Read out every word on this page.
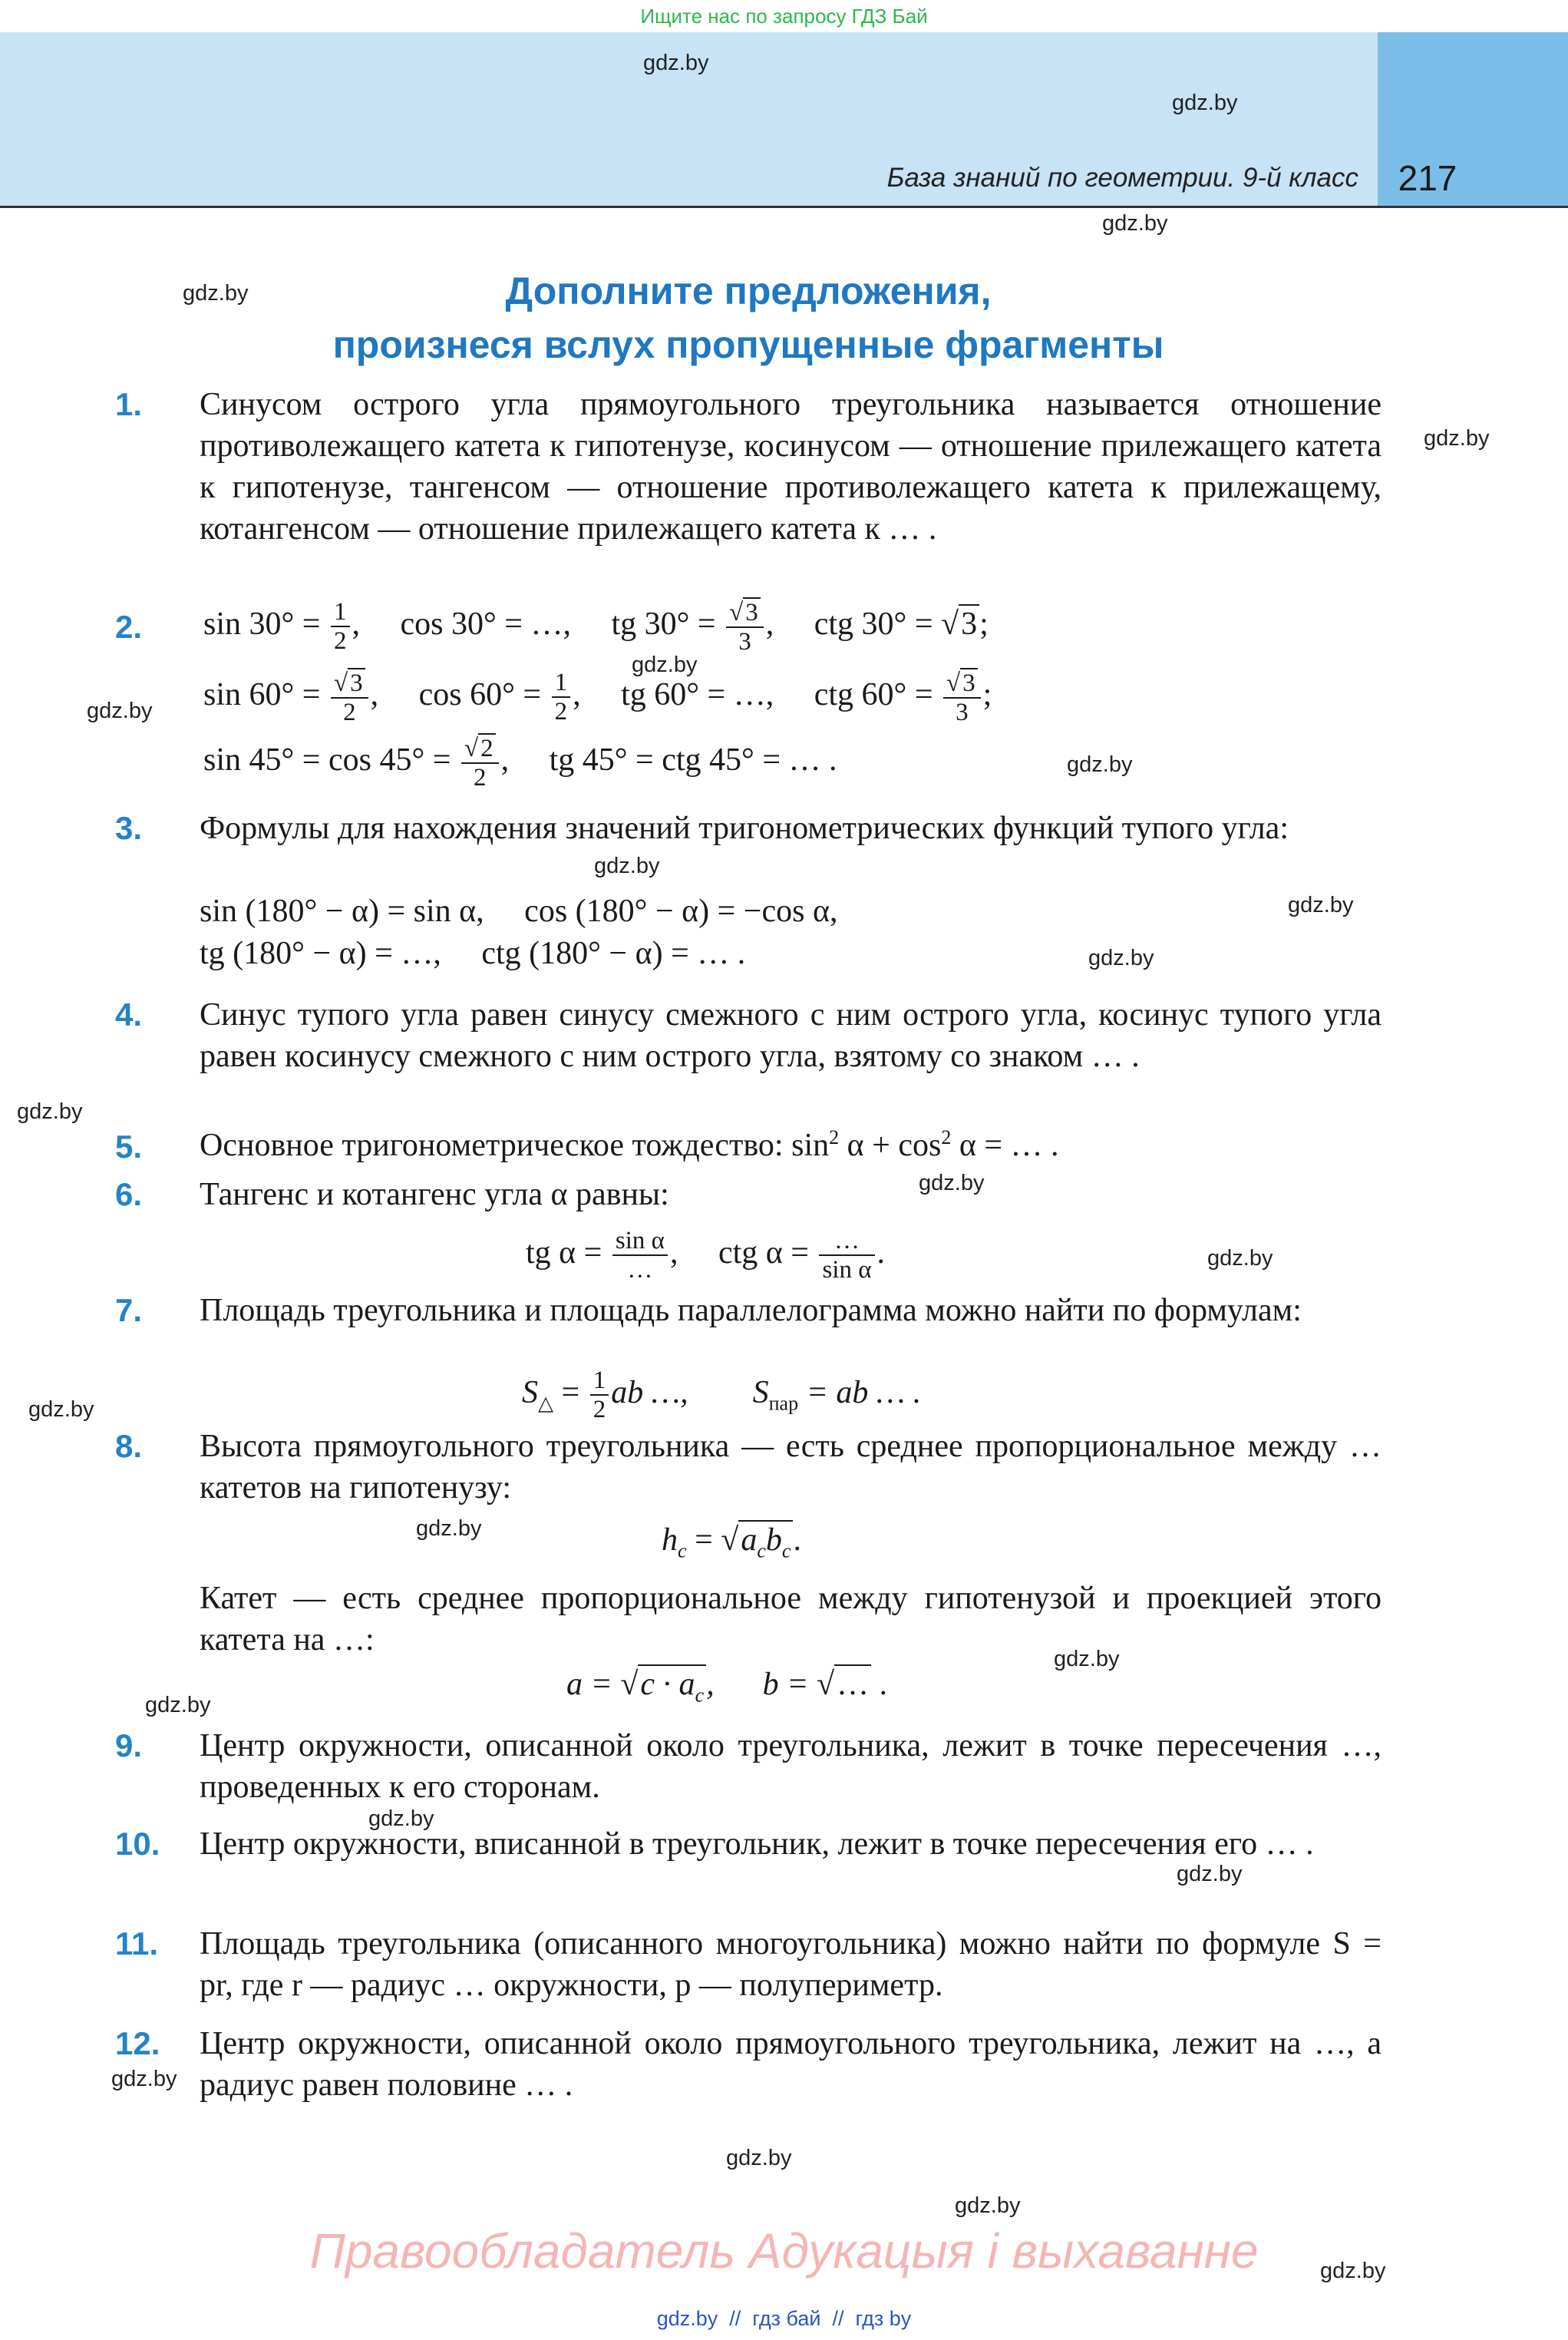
Ищите нас по запросу ГДЗ Бай
База знаний по геометрии. 9-й класс	217
Дополните предложения,
произнеся вслух пропущенные фрагменты
1.	Синусом острого угла прямоугольного треугольника называется отношение противолежащего катета к гипотенузе, косинусом — отношение прилежащего катета к гипотенузе, тангенсом — отношение противолежащего катета к прилежащему, котангенсом — отношение прилежащего катета к … .
2.	$\sin 30^\circ = \frac{1}{2}$ ,     cos 30° = …,     tg $30^\circ = \frac{√3}{3}$ ,     ctg 30° = √3;
$\sin 60^\circ = \frac{√3}{2}$ ,     $\cos 60^\circ = \frac{1}{2}$ ,     tg 60° = …,     ctg $60^\circ = \frac{√3}{3}$ ;
$\sin 45^\circ = \cos 45^\circ = \frac{√2}{2}$ ,     tg 45° = ctg 45° = … .
3.	Формулы для нахождения значений тригонометрических функций тупого угла:
sin (180° − α) = sin α,     cos (180° − α) = −cos α,
tg (180° − α) = …,     ctg (180° − α) = … .
4.	Синус тупого угла равен синусу смежного с ним острого угла, косинус тупого угла равен косинусу смежного с ним острого угла, взятому со знаком … .
5.	Основное тригонометрическое тождество: $\sin^2 \alpha + \cos^2 \alpha$ = … .
6.	Тангенс и котангенс угла α равны:
tg $\alpha = \frac{\text{sin α}}{\dots}$ ,     ctg $\alpha = \frac{\dots}{\text{sin α}}$ .
7.	Площадь треугольника и площадь параллелограмма можно найти по формулам:
$S_\triangle = \frac{1}{2}$ ab …, $S_{пар}$ = ab … .
8.	Высота прямоугольного треугольника — есть среднее пропорциональное между … катетов на гипотенузу:
$h_c = √a_cb_c$.
Катет — есть среднее пропорциональное между гипотенузой и проекцией этого катета на …:
$a = √c \cdot a_c$,      b = √… .
9.	Центр окружности, описанной около треугольника, лежит в точке пересечения …, проведенных к его сторонам.
10.	Центр окружности, вписанной в треугольник, лежит в точке пересечения его … .
11.	Площадь треугольника (описанного многоугольника) можно найти по формуле S = pr, где r — радиус … окружности, p — полупериметр.
12.	Центр окружности, описанной около прямоугольного треугольника, лежит на …, а радиус равен половине … .
gdz.by
gdz.by
gdz.by
gdz.by
gdz.by
gdz.by
gdz.by
gdz.by
gdz.by
gdz.by
gdz.by
gdz.by
gdz.by
gdz.by
gdz.by
gdz.by
gdz.by
gdz.by
gdz.by
gdz.by
gdz.by
gdz.by
gdz.by
gdz.by
Правообладатель Адукацыя і выхаванне
gdz.by  //  гдз бай  //  гдз by
